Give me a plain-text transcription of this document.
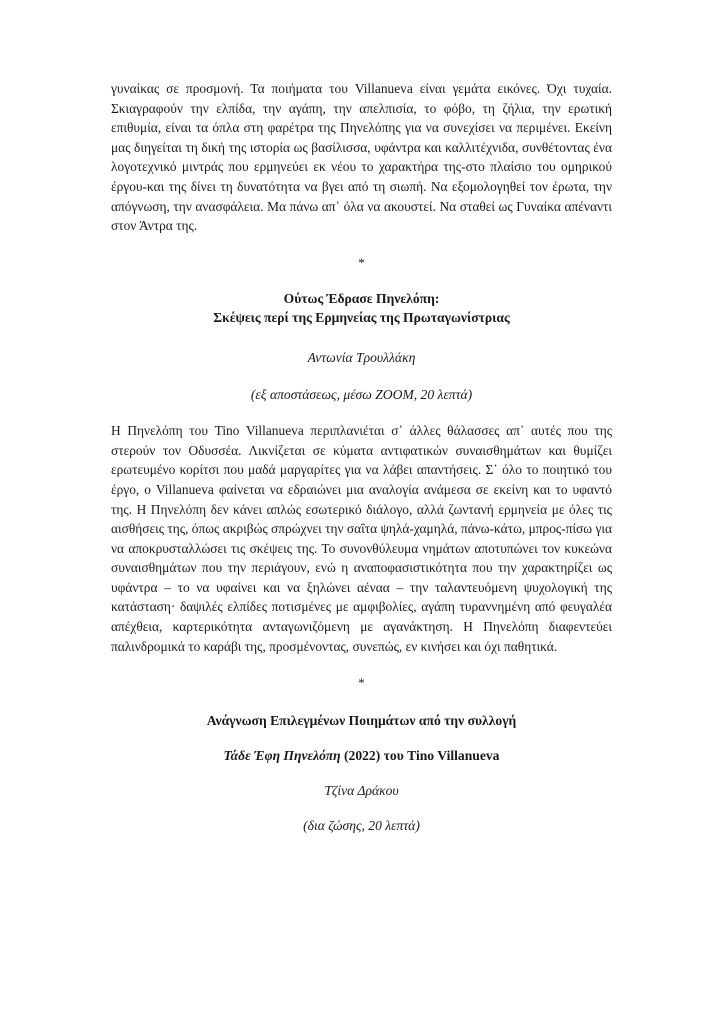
γυναίκας σε προσμονή. Τα ποιήματα του Villanueva είναι γεμάτα εικόνες. Όχι τυχαία. Σκιαγραφούν την ελπίδα, την αγάπη, την απελπισία, το φόβο, τη ζήλια, την ερωτική επιθυμία, είναι τα όπλα στη φαρέτρα της Πηνελόπης για να συνεχίσει να περιμένει. Εκείνη μας διηγείται τη δική της ιστορία ως βασίλισσα, υφάντρα και καλλιτέχνιδα, συνθέτοντας ένα λογοτεχνικό μιντράς που ερμηνεύει εκ νέου το χαρακτήρα της-στο πλαίσιο του ομηρικού έργου-και της δίνει τη δυνατότητα να βγει από τη σιωπή. Να εξομολογηθεί τον έρωτα, την απόγνωση, την ανασφάλεια. Μα πάνω απ᾽ όλα να ακουστεί. Να σταθεί ως Γυναίκα απέναντι στον Άντρα της.

*

Ούτως Έδρασε Πηνελόπη:

Σκέψεις περί της Ερμηνείας της Πρωταγωνίστριας

Αντωνία Τρουλλάκη

(εξ αποστάσεως, μέσω ZOOM, 20 λεπτά)

Η Πηνελόπη του Tino Villanueva περιπλανιέται σ᾽ άλλες θάλασσες απ᾽ αυτές που της στερούν τον Οδυσσέα. Λικνίζεται σε κύματα αντιφατικών συναισθημάτων και θυμίζει ερωτευμένο κορίτσι που μαδά μαργαρίτες για να λάβει απαντήσεις. Σ᾽ όλο το ποιητικό του έργο, ο Villanueva φαίνεται να εδραιώνει μια αναλογία ανάμεσα σε εκείνη και το υφαντό της. Η Πηνελόπη δεν κάνει απλώς εσωτερικό διάλογο, αλλά ζωντανή ερμηνεία με όλες τις αισθήσεις της, όπως ακριβώς σπρώχνει την σαΐτα ψηλά-χαμηλά, πάνω-κάτω, μπρος-πίσω για να αποκρυσταλλώσει τις σκέψεις της. Το συνονθύλευμα νημάτων αποτυπώνει τον κυκεώνα συναισθημάτων που την περιάγουν, ενώ η αναποφασιστικότητα που την χαρακτηρίζει ως υφάντρα – το να υφαίνει και να ξηλώνει αέναα – την ταλαντευόμενη ψυχολογική της κατάσταση· δαψιλές ελπίδες ποτισμένες με αμφιβολίες, αγάπη τυραννημένη από φευγαλέα απέχθεια, καρτερικότητα ανταγωνιζόμενη με αγανάκτηση. Η Πηνελόπη διαφεντεύει παλινδρομικά το καράβι της, προσμένοντας, συνεπώς, εν κινήσει και όχι παθητικά.

*

Ανάγνωση Επιλεγμένων Ποιημάτων από την συλλογή

Τάδε Έφη Πηνελόπη (2022) του Tino Villanueva

Τζίνα Δράκου

(δια ζώσης, 20 λεπτά)
